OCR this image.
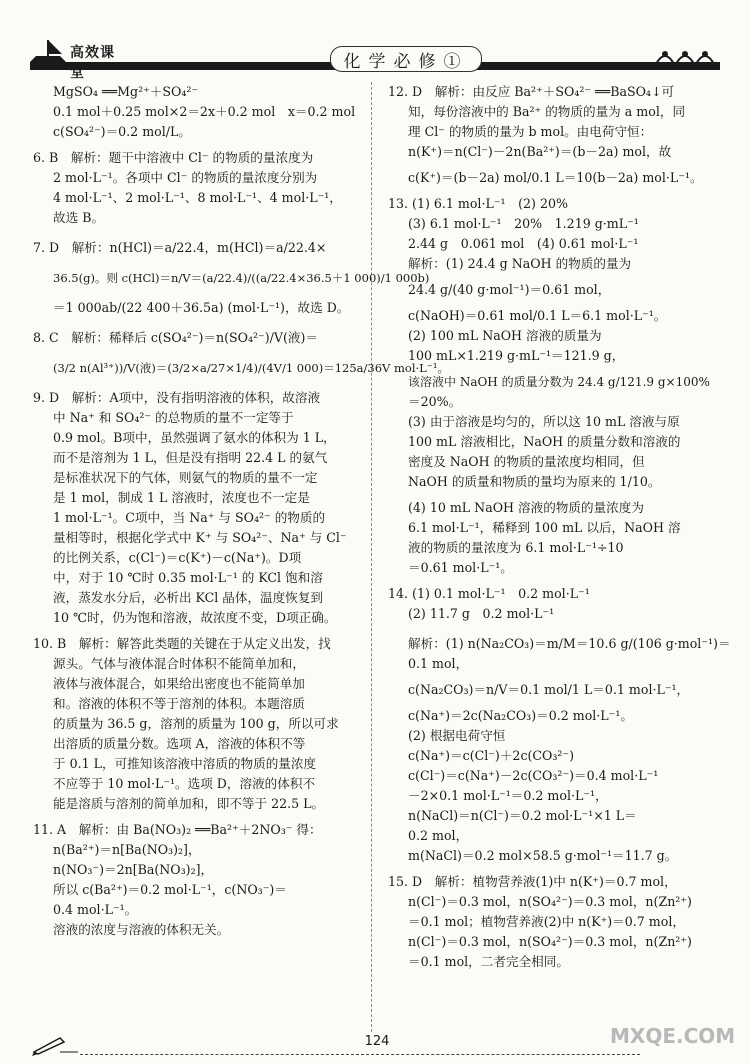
高效课堂
化学必修①
MgSO₄ ══Mg²⁺＋SO₄²⁻
0.1 mol＋0.25 mol×2＝2x＋0.2 mol　x＝0.2 mol
c(SO₄²⁻)＝0.2 mol/L。
6. B　解析：题干中溶液中 Cl⁻ 的物质的量浓度为
2 mol·L⁻¹。各项中 Cl⁻ 的物质的量浓度分别为
4 mol·L⁻¹、2 mol·L⁻¹、8 mol·L⁻¹、4 mol·L⁻¹，
故选 B。
7. D　解析：n(HCl)＝a/22.4，m(HCl)＝a/22.4×
36.5(g)。则 c(HCl)＝n/V＝(a/22.4)/((a/22.4×36.5＋1 000)/1 000b)
＝1 000ab/(22 400＋36.5a) (mol·L⁻¹)，故选 D。
8. C　解析：稀释后 c(SO₄²⁻)＝n(SO₄²⁻)/V(液)＝
(3/2 n(Al³⁺))/V(液)＝(3/2×a/27×1/4)/(4V/1 000)＝125a/36V mol·L⁻¹。
9. D　解析：A项中，没有指明溶液的体积，故溶液
中 Na⁺ 和 SO₄²⁻ 的总物质的量不一定等于
0.9 mol。B项中，虽然强调了氨水的体积为 1 L，
而不是溶剂为 1 L，但是没有指明 22.4 L 的氨气
是标准状况下的气体，则氨气的物质的量不一定
是 1 mol，制成 1 L 溶液时，浓度也不一定是
1 mol·L⁻¹。C项中，当 Na⁺ 与 SO₄²⁻ 的物质的
量相等时，根据化学式中 K⁺ 与 SO₄²⁻、Na⁺ 与 Cl⁻
的比例关系，c(Cl⁻)＝c(K⁺)－c(Na⁺)。D项
中，对于 10 ℃时 0.35 mol·L⁻¹ 的 KCl 饱和溶
液，蒸发水分后，必析出 KCl 晶体，温度恢复到
10 ℃时，仍为饱和溶液，故浓度不变，D项正确。
10. B　解析：解答此类题的关键在于从定义出发，找
源头。气体与液体混合时体积不能简单加和，
液体与液体混合，如果给出密度也不能简单加
和。溶液的体积不等于溶剂的体积。本题溶质
的质量为 36.5 g，溶剂的质量为 100 g，所以可求
出溶质的质量分数。选项 A，溶液的体积不等
于 0.1 L，可推知该溶液中溶质的物质的量浓度
不应等于 10 mol·L⁻¹。选项 D，溶液的体积不
能是溶质与溶剂的简单加和，即不等于 22.5 L。
11. A　解析：由 Ba(NO₃)₂ ══Ba²⁺＋2NO₃⁻ 得：
n(Ba²⁺)＝n[Ba(NO₃)₂]，
n(NO₃⁻)＝2n[Ba(NO₃)₂]，
所以 c(Ba²⁺)＝0.2 mol·L⁻¹，c(NO₃⁻)＝
0.4 mol·L⁻¹。
溶液的浓度与溶液的体积无关。
12. D　解析：由反应 Ba²⁺＋SO₄²⁻ ══BaSO₄↓可
知，每份溶液中的 Ba²⁺ 的物质的量为 a mol，同
理 Cl⁻ 的物质的量为 b mol。由电荷守恒：
n(K⁺)＝n(Cl⁻)－2n(Ba²⁺)＝(b－2a) mol，故
c(K⁺)＝(b－2a) mol/0.1 L＝10(b－2a) mol·L⁻¹。
13. (1) 6.1 mol·L⁻¹　(2) 20%
(3) 6.1 mol·L⁻¹　20%　1.219 g·mL⁻¹
2.44 g　0.061 mol　(4) 0.61 mol·L⁻¹
解析：(1) 24.4 g NaOH 的物质的量为
24.4 g/(40 g·mol⁻¹)＝0.61 mol，
c(NaOH)＝0.61 mol/0.1 L＝6.1 mol·L⁻¹。
(2) 100 mL NaOH 溶液的质量为
100 mL×1.219 g·mL⁻¹＝121.9 g，
该溶液中 NaOH 的质量分数为 24.4 g/121.9 g×100%
＝20%。
(3) 由于溶液是均匀的，所以这 10 mL 溶液与原
100 mL 溶液相比，NaOH 的质量分数和溶液的
密度及 NaOH 的物质的量浓度均相同，但
NaOH 的质量和物质的量均为原来的 1/10。
(4) 10 mL NaOH 溶液的物质的量浓度为
6.1 mol·L⁻¹，稀释到 100 mL 以后，NaOH 溶
液的物质的量浓度为 6.1 mol·L⁻¹÷10
＝0.61 mol·L⁻¹。
14. (1) 0.1 mol·L⁻¹　0.2 mol·L⁻¹
(2) 11.7 g　0.2 mol·L⁻¹
解析：(1) n(Na₂CO₃)＝m/M＝10.6 g/(106 g·mol⁻¹)＝
0.1 mol，
c(Na₂CO₃)＝n/V＝0.1 mol/1 L＝0.1 mol·L⁻¹，
c(Na⁺)＝2c(Na₂CO₃)＝0.2 mol·L⁻¹。
(2) 根据电荷守恒
c(Na⁺)＝c(Cl⁻)＋2c(CO₃²⁻)
c(Cl⁻)＝c(Na⁺)－2c(CO₃²⁻)＝0.4 mol·L⁻¹
－2×0.1 mol·L⁻¹＝0.2 mol·L⁻¹，
n(NaCl)＝n(Cl⁻)＝0.2 mol·L⁻¹×1 L＝
0.2 mol，
m(NaCl)＝0.2 mol×58.5 g·mol⁻¹＝11.7 g。
15. D　解析：植物营养液(1)中 n(K⁺)＝0.7 mol，
n(Cl⁻)＝0.3 mol，n(SO₄²⁻)＝0.3 mol，n(Zn²⁺)
＝0.1 mol；植物营养液(2)中 n(K⁺)＝0.7 mol，
n(Cl⁻)＝0.3 mol，n(SO₄²⁻)＝0.3 mol，n(Zn²⁺)
＝0.1 mol，二者完全相同。
124	MXQE.COM
